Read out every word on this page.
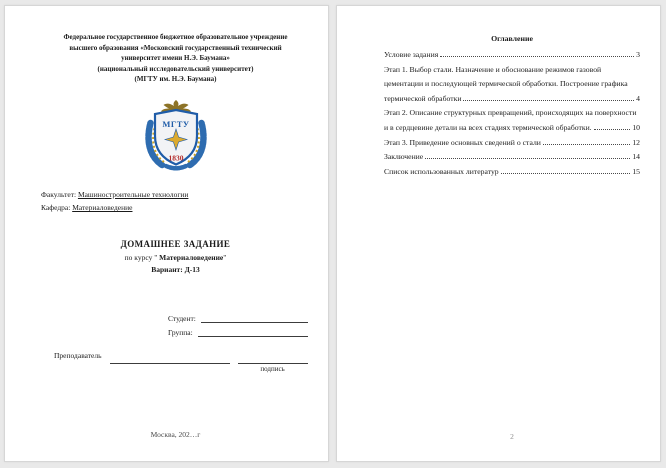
Федеральное государственное бюджетное образовательное учреждение
высшего образования «Московский государственный технический
университет имени Н.Э. Баумана»
(национальный исследовательский университет)
(МГТУ им. Н.Э. Баумана)
МГТУ
1830
Факультет: Машиностроительные технологии
Кафедра: Материаловедение
ДОМАШНЕЕ ЗАДАНИЕ
по курсу " Материаловедение"
Вариант: Д-13
Студент:
Группа:
Преподаватель
подпись
Москва, 202…г
Оглавление
Условие задания	3
Этап 1. Выбор стали. Назначение и обоснование режимов газовой
цементации и последующей термической обработки. Построение графика
термической обработки	4
Этап 2. Описание структурных превращений, происходящих на поверхности
и в сердцевине детали на всех стадиях термической обработки.	10
Этап 3. Приведение основных сведений о стали	12
Заключение	14
Список использованных литератур	15
2
